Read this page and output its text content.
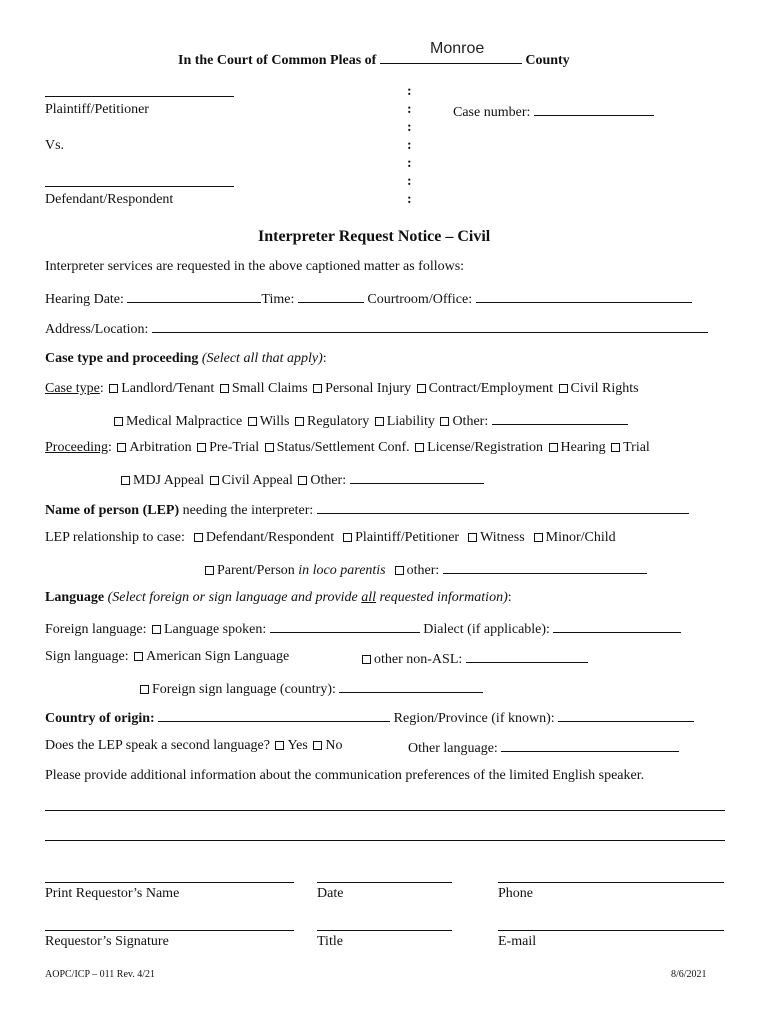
In the Court of Common Pleas of	County
Monroe
Plaintiff/Petitioner
Vs.
Defendant/Respondent
:
:
:
:
:
:
:
Case number:
Interpreter Request Notice – Civil
Interpreter services are requested in the above captioned matter as follows:
Hearing Date:	Time:	Courtroom/Office:
Address/Location:
Case type and proceeding (Select all that apply):
Case type: Landlord/Tenant Small Claims Personal Injury Contract/Employment Civil Rights
Medical Malpractice Wills Regulatory Liability Other:
Proceeding: Arbitration Pre-Trial Status/Settlement Conf. License/Registration Hearing Trial
MDJ Appeal Civil Appeal Other:
Name of person (LEP) needing the interpreter:
LEP relationship to case: Defendant/Respondent Plaintiff/Petitioner Witness Minor/Child
Parent/Person in loco parentis other:
Language (Select foreign or sign language and provide all requested information):
Foreign language: Language spoken:	Dialect (if applicable):
Sign language: American Sign Language	other non-ASL:
Foreign sign language (country):
Country of origin:	Region/Province (if known):
Does the LEP speak a second language? Yes No	Other language:
Please provide additional information about the communication preferences of the limited English speaker.
Print Requestor’s Name	Date	Phone
Requestor’s Signature	Title	E-mail
AOPC/ICP – 011 Rev. 4/21	8/6/2021
